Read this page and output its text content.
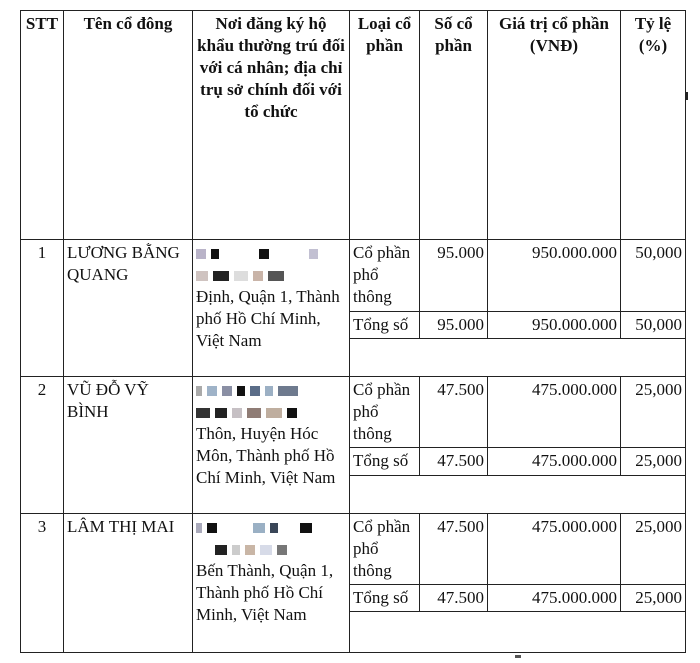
STT	Tên cổ đông	Nơi đăng ký hộ khẩu thường trú đối với cá nhân; địa chỉ trụ sở chính đối với tổ chức	Loại cổ phần	Số cổ phần	Giá trị cổ phần (VNĐ)	Tỷ lệ (%)
1	LƯƠNG BẰNG QUANG	Định, Quận 1, Thành phố Hồ Chí Minh, Việt Nam	Cổ phần phổ thông	95.000	950.000.000	50,000
			Tổng số	95.000	950.000.000	50,000

2	VŨ ĐỖ VỸ BÌNH	Thôn, Huyện Hóc Môn, Thành phố Hồ Chí Minh, Việt Nam	Cổ phần phổ thông	47.500	475.000.000	25,000
			Tổng số	47.500	475.000.000	25,000

3	LÂM THỊ MAI	Bến Thành, Quận 1, Thành phố Hồ Chí Minh, Việt Nam	Cổ phần phổ thông	47.500	475.000.000	25,000
			Tổng số	47.500	475.000.000	25,000
